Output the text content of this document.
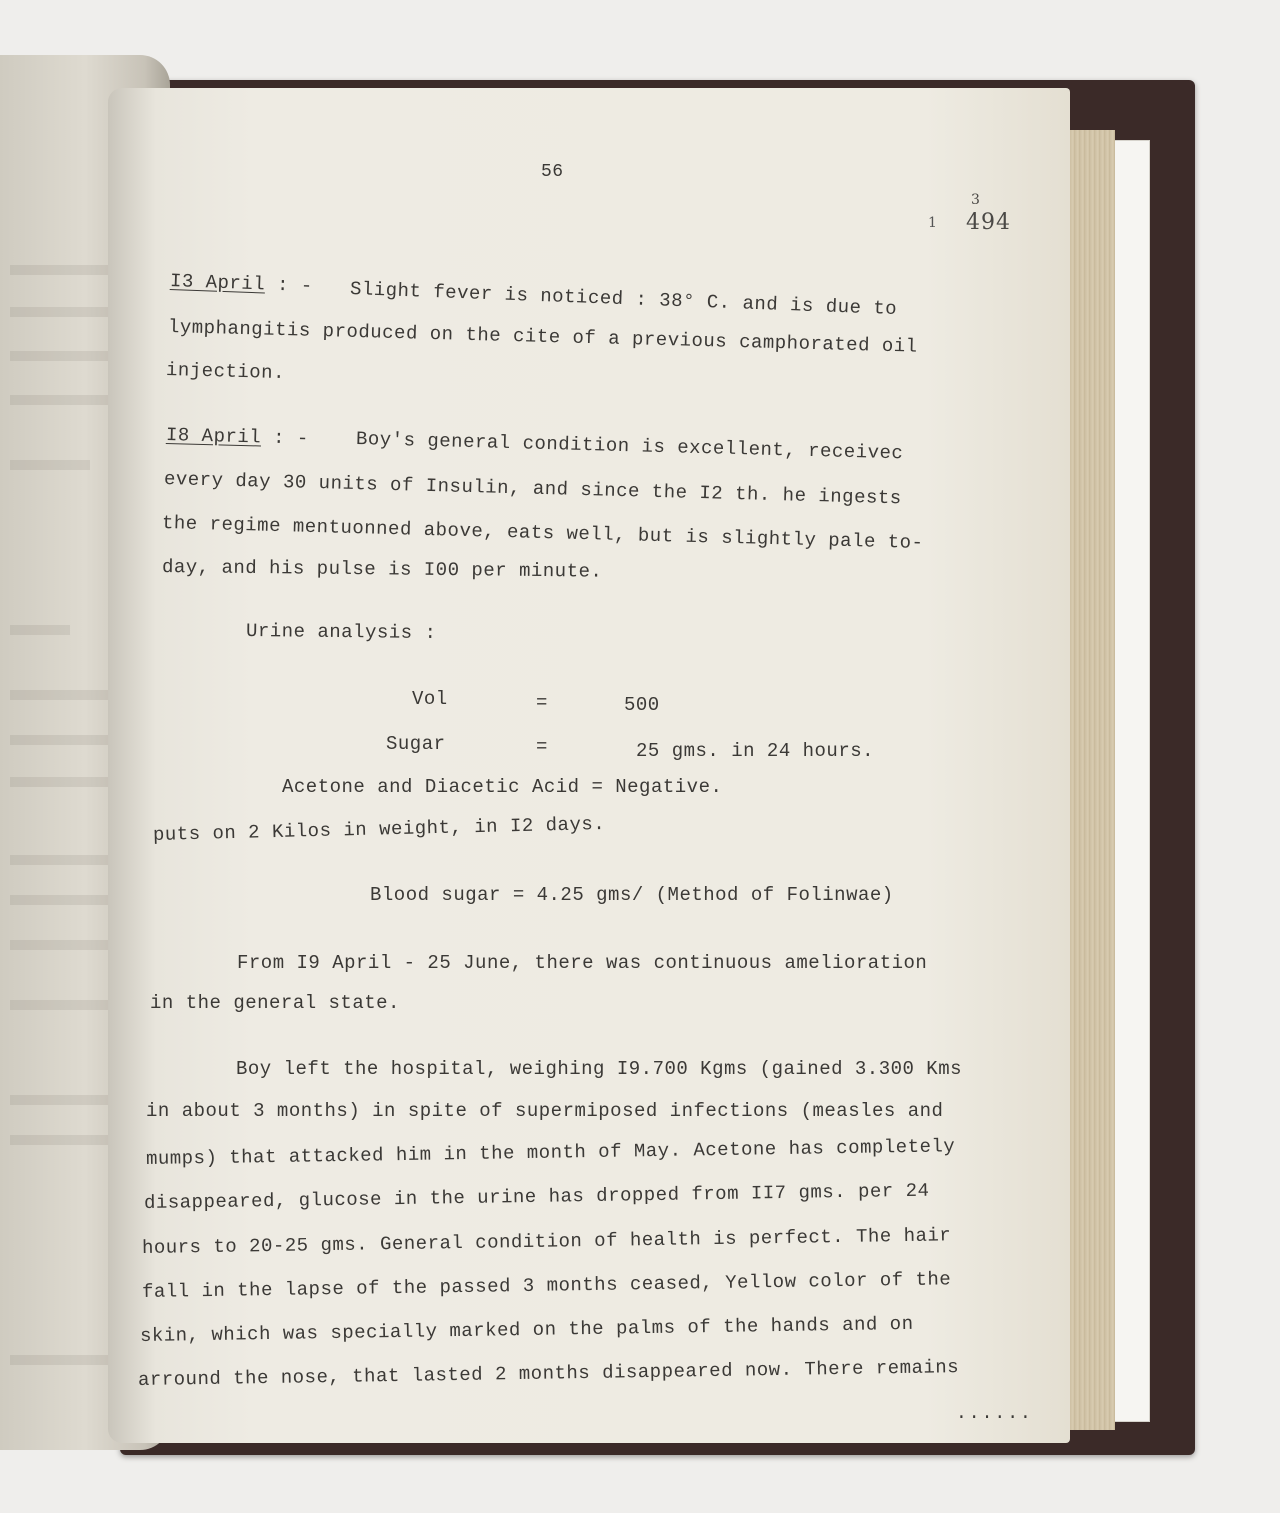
56
1
3
494
I3 April : - Slight fever is noticed : 38° C. and is due to
lymphangitis produced on the cite of a previous camphorated oil
injection.
I8 April : - Boy's general condition is excellent, receivec
every day 30 units of Insulin, and since the I2 th. he ingests
the regime mentuonned above, eats well, but is slightly pale to-
day, and his pulse is I00 per minute.
Urine analysis :
Vol	=	500
Sugar	=	25 gms. in 24 hours.
Acetone and Diacetic Acid = Negative.
puts on 2 Kilos in weight, in I2 days.
Blood sugar = 4.25 gms/ (Method of Folinwae)
From I9 April - 25 June, there was continuous amelioration
in the general state.
Boy left the hospital, weighing I9.700 Kgms (gained 3.300 Kms
in about 3 months) in spite of supermiposed infections (measles and
mumps) that attacked him in the month of May. Acetone has completely
disappeared, glucose in the urine has dropped from II7 gms. per 24
hours to 20-25 gms. General condition of health is perfect. The hair
fall in the lapse of the passed 3 months ceased, Yellow color of the
skin, which was specially marked on the palms of the hands and on
arround the nose, that lasted 2 months disappeared now. There remains
......
